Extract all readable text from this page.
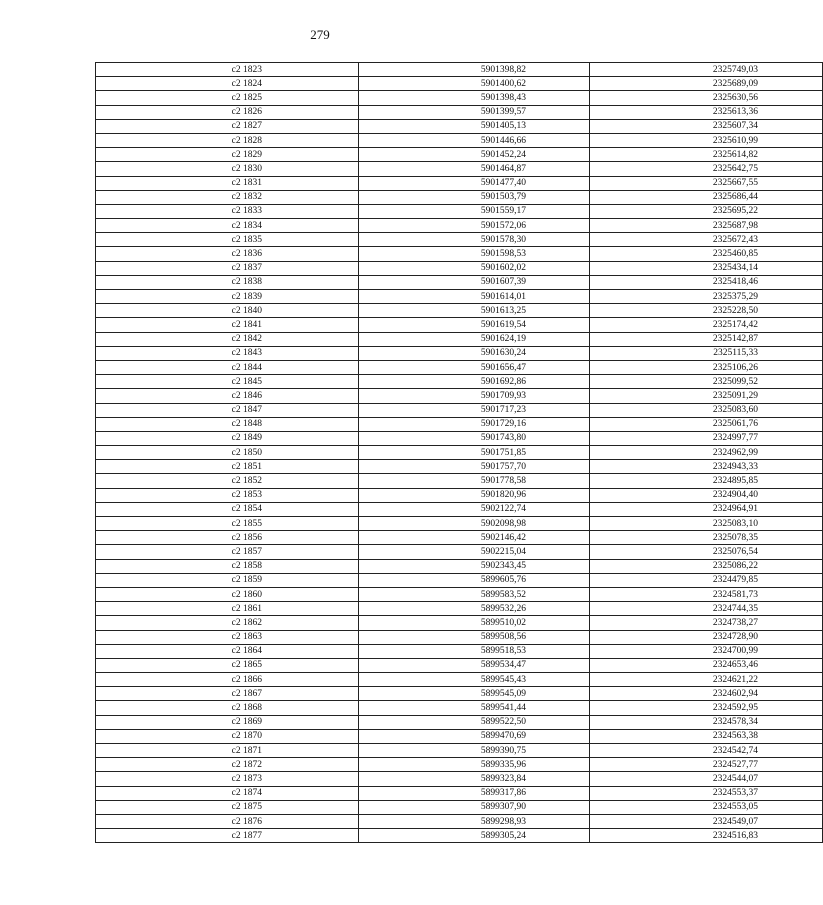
279
c2 1823	5901398,82	2325749,03
c2 1824	5901400,62	2325689,09
c2 1825	5901398,43	2325630,56
c2 1826	5901399,57	2325613,36
c2 1827	5901405,13	2325607,34
c2 1828	5901446,66	2325610,99
c2 1829	5901452,24	2325614,82
c2 1830	5901464,87	2325642,75
c2 1831	5901477,40	2325667,55
c2 1832	5901503,79	2325686,44
c2 1833	5901559,17	2325695,22
c2 1834	5901572,06	2325687,98
c2 1835	5901578,30	2325672,43
c2 1836	5901598,53	2325460,85
c2 1837	5901602,02	2325434,14
c2 1838	5901607,39	2325418,46
c2 1839	5901614,01	2325375,29
c2 1840	5901613,25	2325228,50
c2 1841	5901619,54	2325174,42
c2 1842	5901624,19	2325142,87
c2 1843	5901630,24	2325115,33
c2 1844	5901656,47	2325106,26
c2 1845	5901692,86	2325099,52
c2 1846	5901709,93	2325091,29
c2 1847	5901717,23	2325083,60
c2 1848	5901729,16	2325061,76
c2 1849	5901743,80	2324997,77
c2 1850	5901751,85	2324962,99
c2 1851	5901757,70	2324943,33
c2 1852	5901778,58	2324895,85
c2 1853	5901820,96	2324904,40
c2 1854	5902122,74	2324964,91
c2 1855	5902098,98	2325083,10
c2 1856	5902146,42	2325078,35
c2 1857	5902215,04	2325076,54
c2 1858	5902343,45	2325086,22
c2 1859	5899605,76	2324479,85
c2 1860	5899583,52	2324581,73
c2 1861	5899532,26	2324744,35
c2 1862	5899510,02	2324738,27
c2 1863	5899508,56	2324728,90
c2 1864	5899518,53	2324700,99
c2 1865	5899534,47	2324653,46
c2 1866	5899545,43	2324621,22
c2 1867	5899545,09	2324602,94
c2 1868	5899541,44	2324592,95
c2 1869	5899522,50	2324578,34
c2 1870	5899470,69	2324563,38
c2 1871	5899390,75	2324542,74
c2 1872	5899335,96	2324527,77
c2 1873	5899323,84	2324544,07
c2 1874	5899317,86	2324553,37
c2 1875	5899307,90	2324553,05
c2 1876	5899298,93	2324549,07
c2 1877	5899305,24	2324516,83
